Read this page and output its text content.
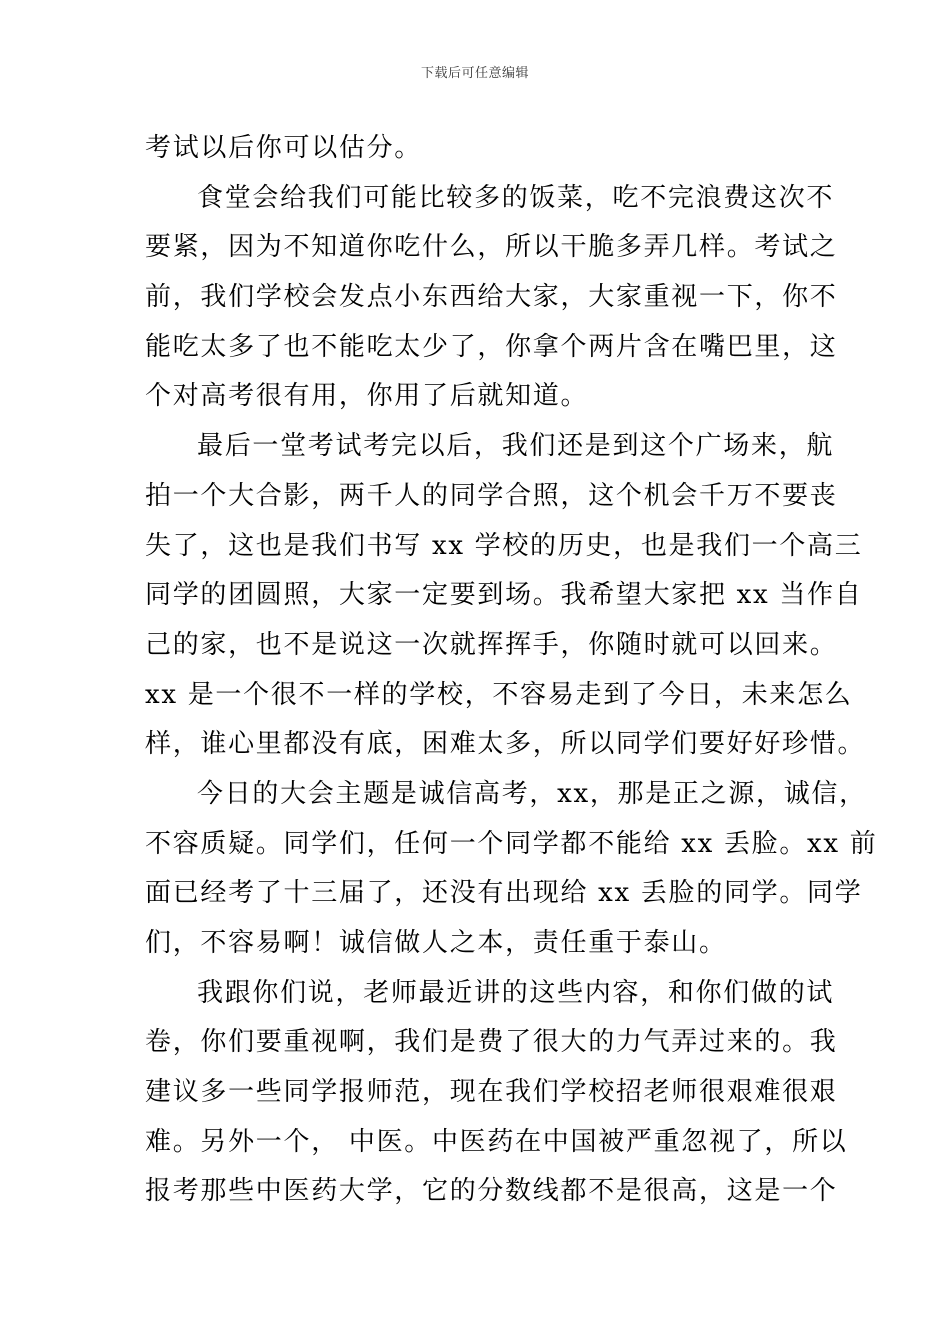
下载后可任意编辑
考试以后你可以估分。
食堂会给我们可能比较多的饭菜，吃不完浪费这次不
要紧，因为不知道你吃什么，所以干脆多弄几样。考试之
前，我们学校会发点小东西给大家，大家重视一下，你不
能吃太多了也不能吃太少了，你拿个两片含在嘴巴里，这
个对高考很有用，你用了后就知道。
最后一堂考试考完以后，我们还是到这个广场来，航
拍一个大合影，两千人的同学合照，这个机会千万不要丧
失了，这也是我们书写 xx 学校的历史，也是我们一个高三
同学的团圆照，大家一定要到场。我希望大家把 xx 当作自
己的家，也不是说这一次就挥挥手，你随时就可以回来。
xx 是一个很不一样的学校，不容易走到了今日，未来怎么
样，谁心里都没有底，困难太多，所以同学们要好好珍惜。
今日的大会主题是诚信高考，xx，那是正之源，诚信，
不容质疑。同学们，任何一个同学都不能给 xx 丢脸。xx 前
面已经考了十三届了，还没有出现给 xx 丢脸的同学。同学
们，不容易啊！诚信做人之本，责任重于泰山。
我跟你们说，老师最近讲的这些内容，和你们做的试
卷，你们要重视啊，我们是费了很大的力气弄过来的。我
建议多一些同学报师范，现在我们学校招老师很艰难很艰
难。另外一个， 中医。中医药在中国被严重忽视了，所以
报考那些中医药大学，它的分数线都不是很高，这是一个
